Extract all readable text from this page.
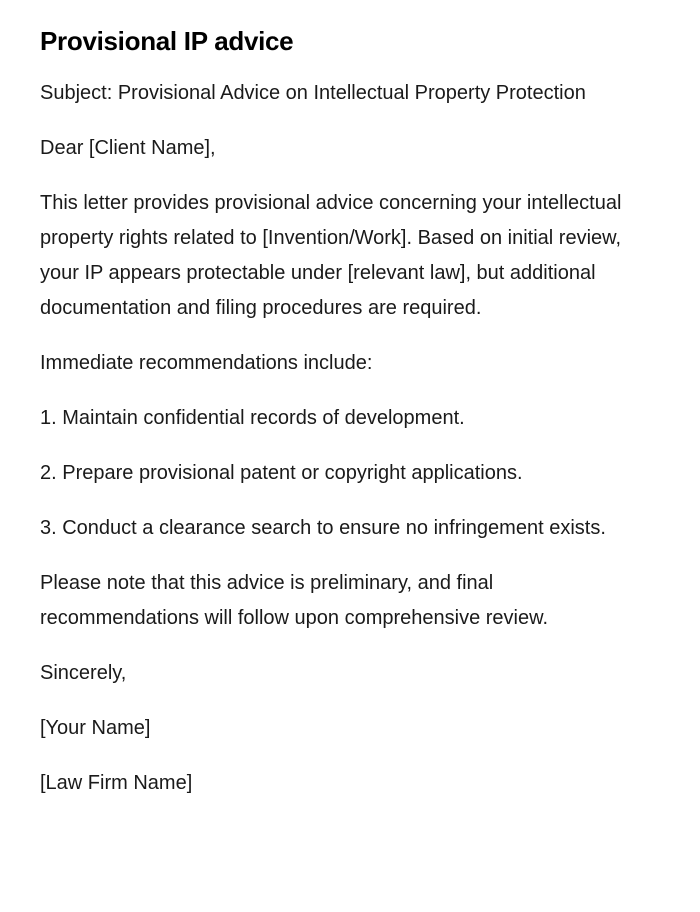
Provisional IP advice

Subject: Provisional Advice on Intellectual Property Protection

Dear [Client Name],

This letter provides provisional advice concerning your intellectual property rights related to [Invention/Work]. Based on initial review, your IP appears protectable under [relevant law], but additional documentation and filing procedures are required.

Immediate recommendations include:

1. Maintain confidential records of development.

2. Prepare provisional patent or copyright applications.

3. Conduct a clearance search to ensure no infringement exists.

Please note that this advice is preliminary, and final recommendations will follow upon comprehensive review.

Sincerely,

[Your Name]

[Law Firm Name]
